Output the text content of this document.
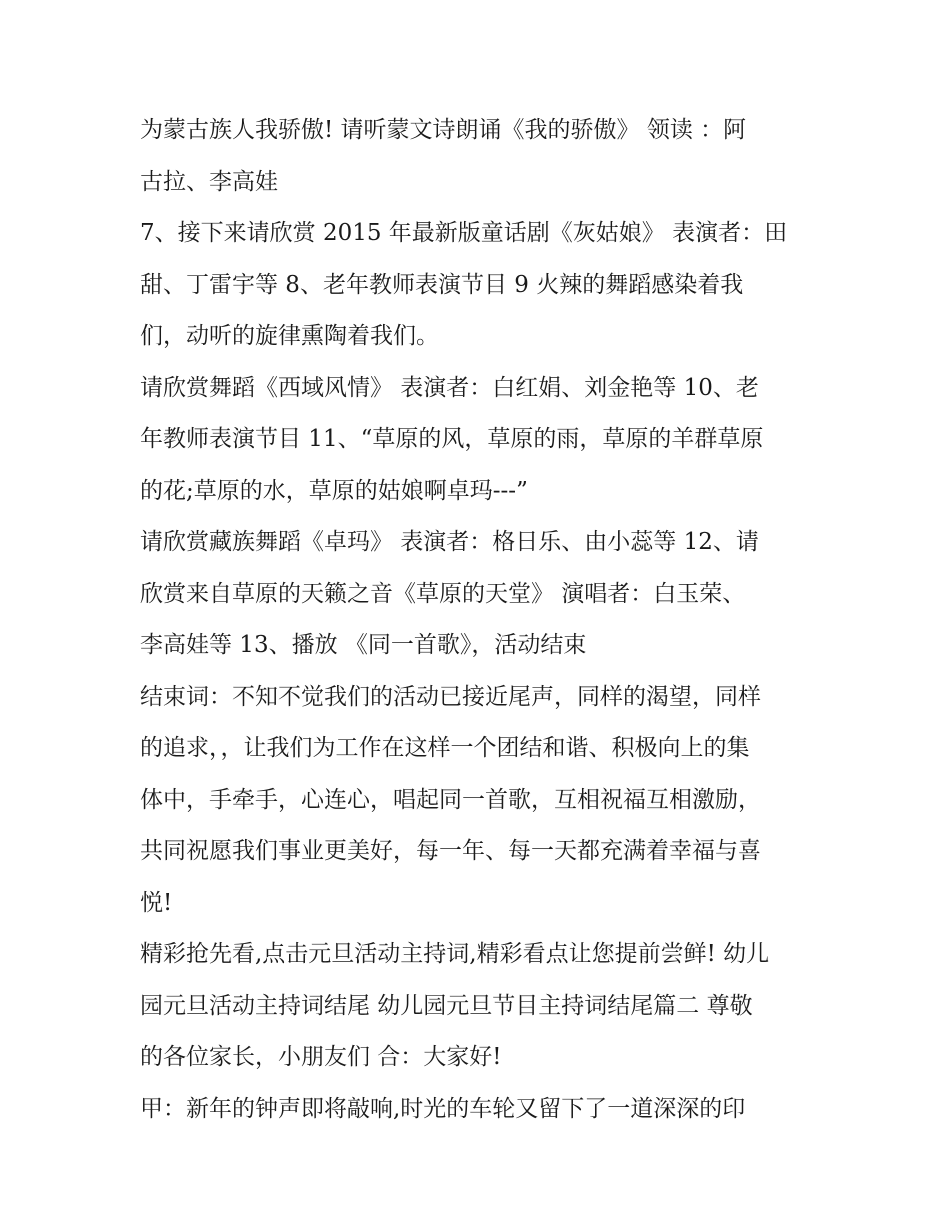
为蒙古族人我骄傲! 请听蒙文诗朗诵《我的骄傲》 领读 ：阿
古拉、李高娃
7、接下来请欣赏 2015 年最新版童话剧《灰姑娘》 表演者：田
甜、丁雷宇等 8、老年教师表演节目 9 火辣的舞蹈感染着我
们，动听的旋律熏陶着我们。
请欣赏舞蹈《西域风情》 表演者：白红娟、刘金艳等 10、老
年教师表演节目 11、“草原的风，草原的雨，草原的羊群草原
的花;草原的水，草原的姑娘啊卓玛---”
请欣赏藏族舞蹈《卓玛》 表演者：格日乐、由小蕊等 12、请
欣赏来自草原的天籁之音《草原的天堂》 演唱者：白玉荣、
李高娃等 13、播放 《同一首歌》，活动结束
结束词：不知不觉我们的活动已接近尾声，同样的渴望，同样
的追求，，让我们为工作在这样一个团结和谐、积极向上的集
体中，手牵手，心连心，唱起同一首歌，互相祝福互相激励，
共同祝愿我们事业更美好，每一年、每一天都充满着幸福与喜
悦!
精彩抢先看,点击元旦活动主持词,精彩看点让您提前尝鲜! 幼儿
园元旦活动主持词结尾 幼儿园元旦节目主持词结尾篇二 尊敬
的各位家长，小朋友们 合：大家好!
甲：新年的钟声即将敲响,时光的车轮又留下了一道深深的印
